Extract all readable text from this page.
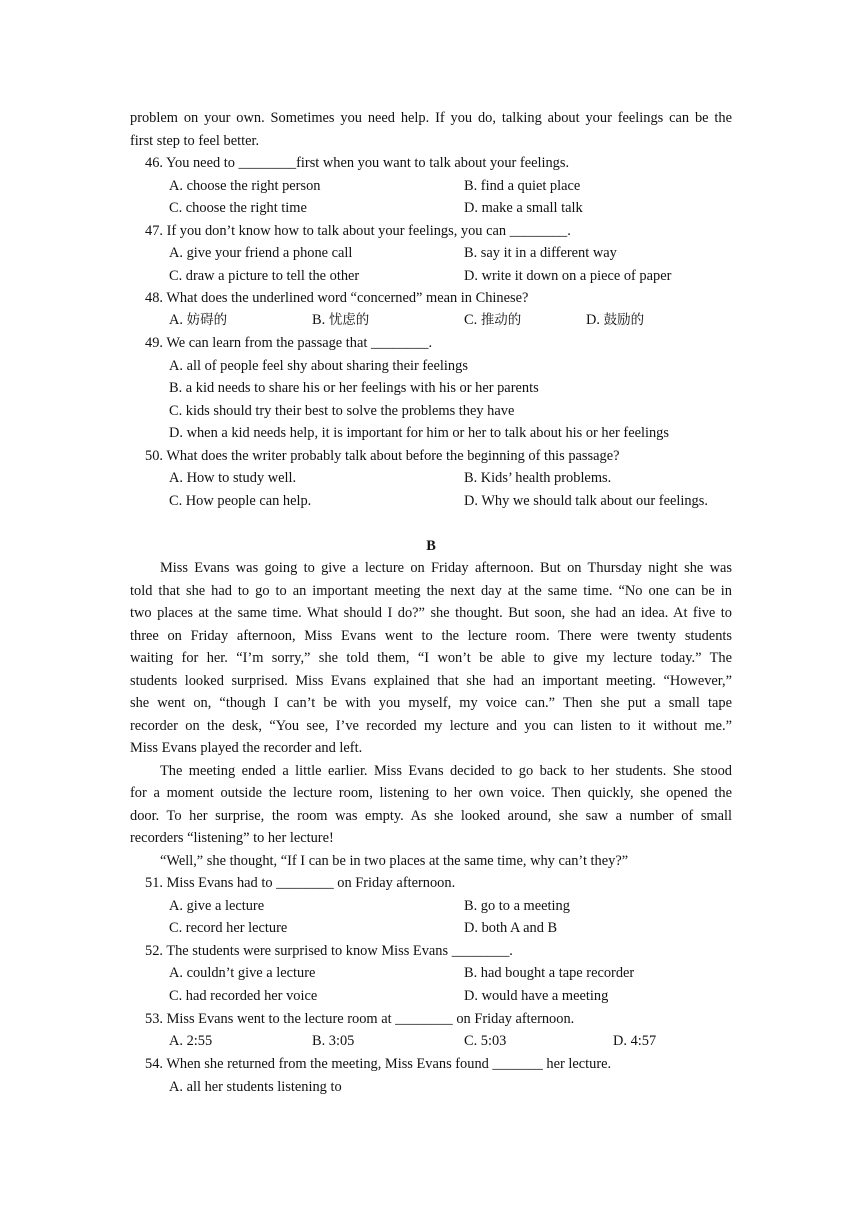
problem on your own. Sometimes you need help. If you do, talking about your feelings can be the
first step to feel better.
46. You need to ________first when you want to talk about your feelings.
A. choose the right person	B. find a quiet place
C. choose the right time	D. make a small talk
47. If you don’t know how to talk about your feelings, you can ________.
A. give your friend a phone call	B. say it in a different way
C. draw a picture to tell the other	D. write it down on a piece of paper
48. What does the underlined word “concerned” mean in Chinese?
A. 妨碍的	B. 忧虑的	C. 推动的	D. 鼓励的
49. We can learn from the passage that ________.
A. all of people feel shy about sharing their feelings
B. a kid needs to share his or her feelings with his or her parents
C. kids should try their best to solve the problems they have
D. when a kid needs help, it is important for him or her to talk about his or her feelings
50. What does the writer probably talk about before the beginning of this passage?
A. How to study well.	B. Kids’ health problems.
C. How people can help.	D. Why we should talk about our feelings.
B
Miss Evans was going to give a lecture on Friday afternoon. But on Thursday night she was
told that she had to go to an important meeting the next day at the same time. “No one can be in
two places at the same time. What should I do?” she thought. But soon, she had an idea. At five to
three on Friday afternoon, Miss Evans went to the lecture room. There were twenty students
waiting for her. “I’m sorry,” she told them, “I won’t be able to give my lecture today.” The
students looked surprised. Miss Evans explained that she had an important meeting. “However,”
she went on, “though I can’t be with you myself, my voice can.” Then she put a small tape
recorder on the desk, “You see, I’ve recorded my lecture and you can listen to it without me.”
Miss Evans played the recorder and left.
The meeting ended a little earlier. Miss Evans decided to go back to her students. She stood
for a moment outside the lecture room, listening to her own voice. Then quickly, she opened the
door. To her surprise, the room was empty. As she looked around, she saw a number of small
recorders “listening” to her lecture!
“Well,” she thought, “If I can be in two places at the same time, why can’t they?”
51. Miss Evans had to ________ on Friday afternoon.
A. give a lecture	B. go to a meeting
C. record her lecture	D. both A and B
52. The students were surprised to know Miss Evans ________.
A. couldn’t give a lecture	B. had bought a tape recorder
C. had recorded her voice	D. would have a meeting
53. Miss Evans went to the lecture room at ________ on Friday afternoon.
A. 2:55	B. 3:05	C. 5:03	D. 4:57
54. When she returned from the meeting, Miss Evans found _______ her lecture.
A. all her students listening to
